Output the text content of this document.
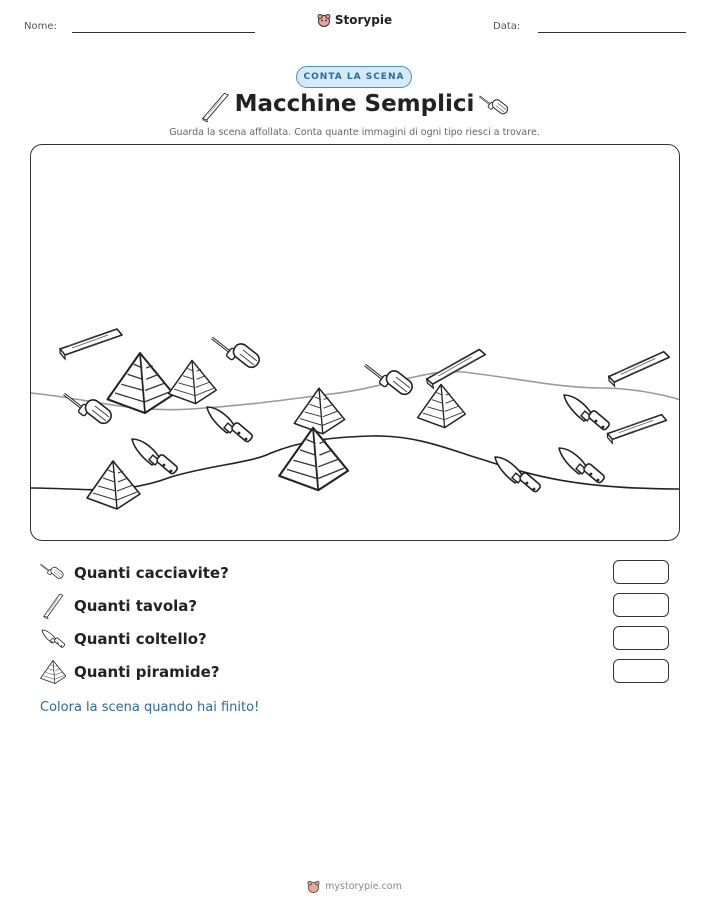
Nome:	Storypie	Data:
CONTA LA SCENA
Macchine Semplici
Guarda la scena affollata. Conta quante immagini di ogni tipo riesci a trovare.
Quanti cacciavite?
Quanti tavola?
Quanti coltello?
Quanti piramide?
Colora la scena quando hai finito!
mystorypie.com
